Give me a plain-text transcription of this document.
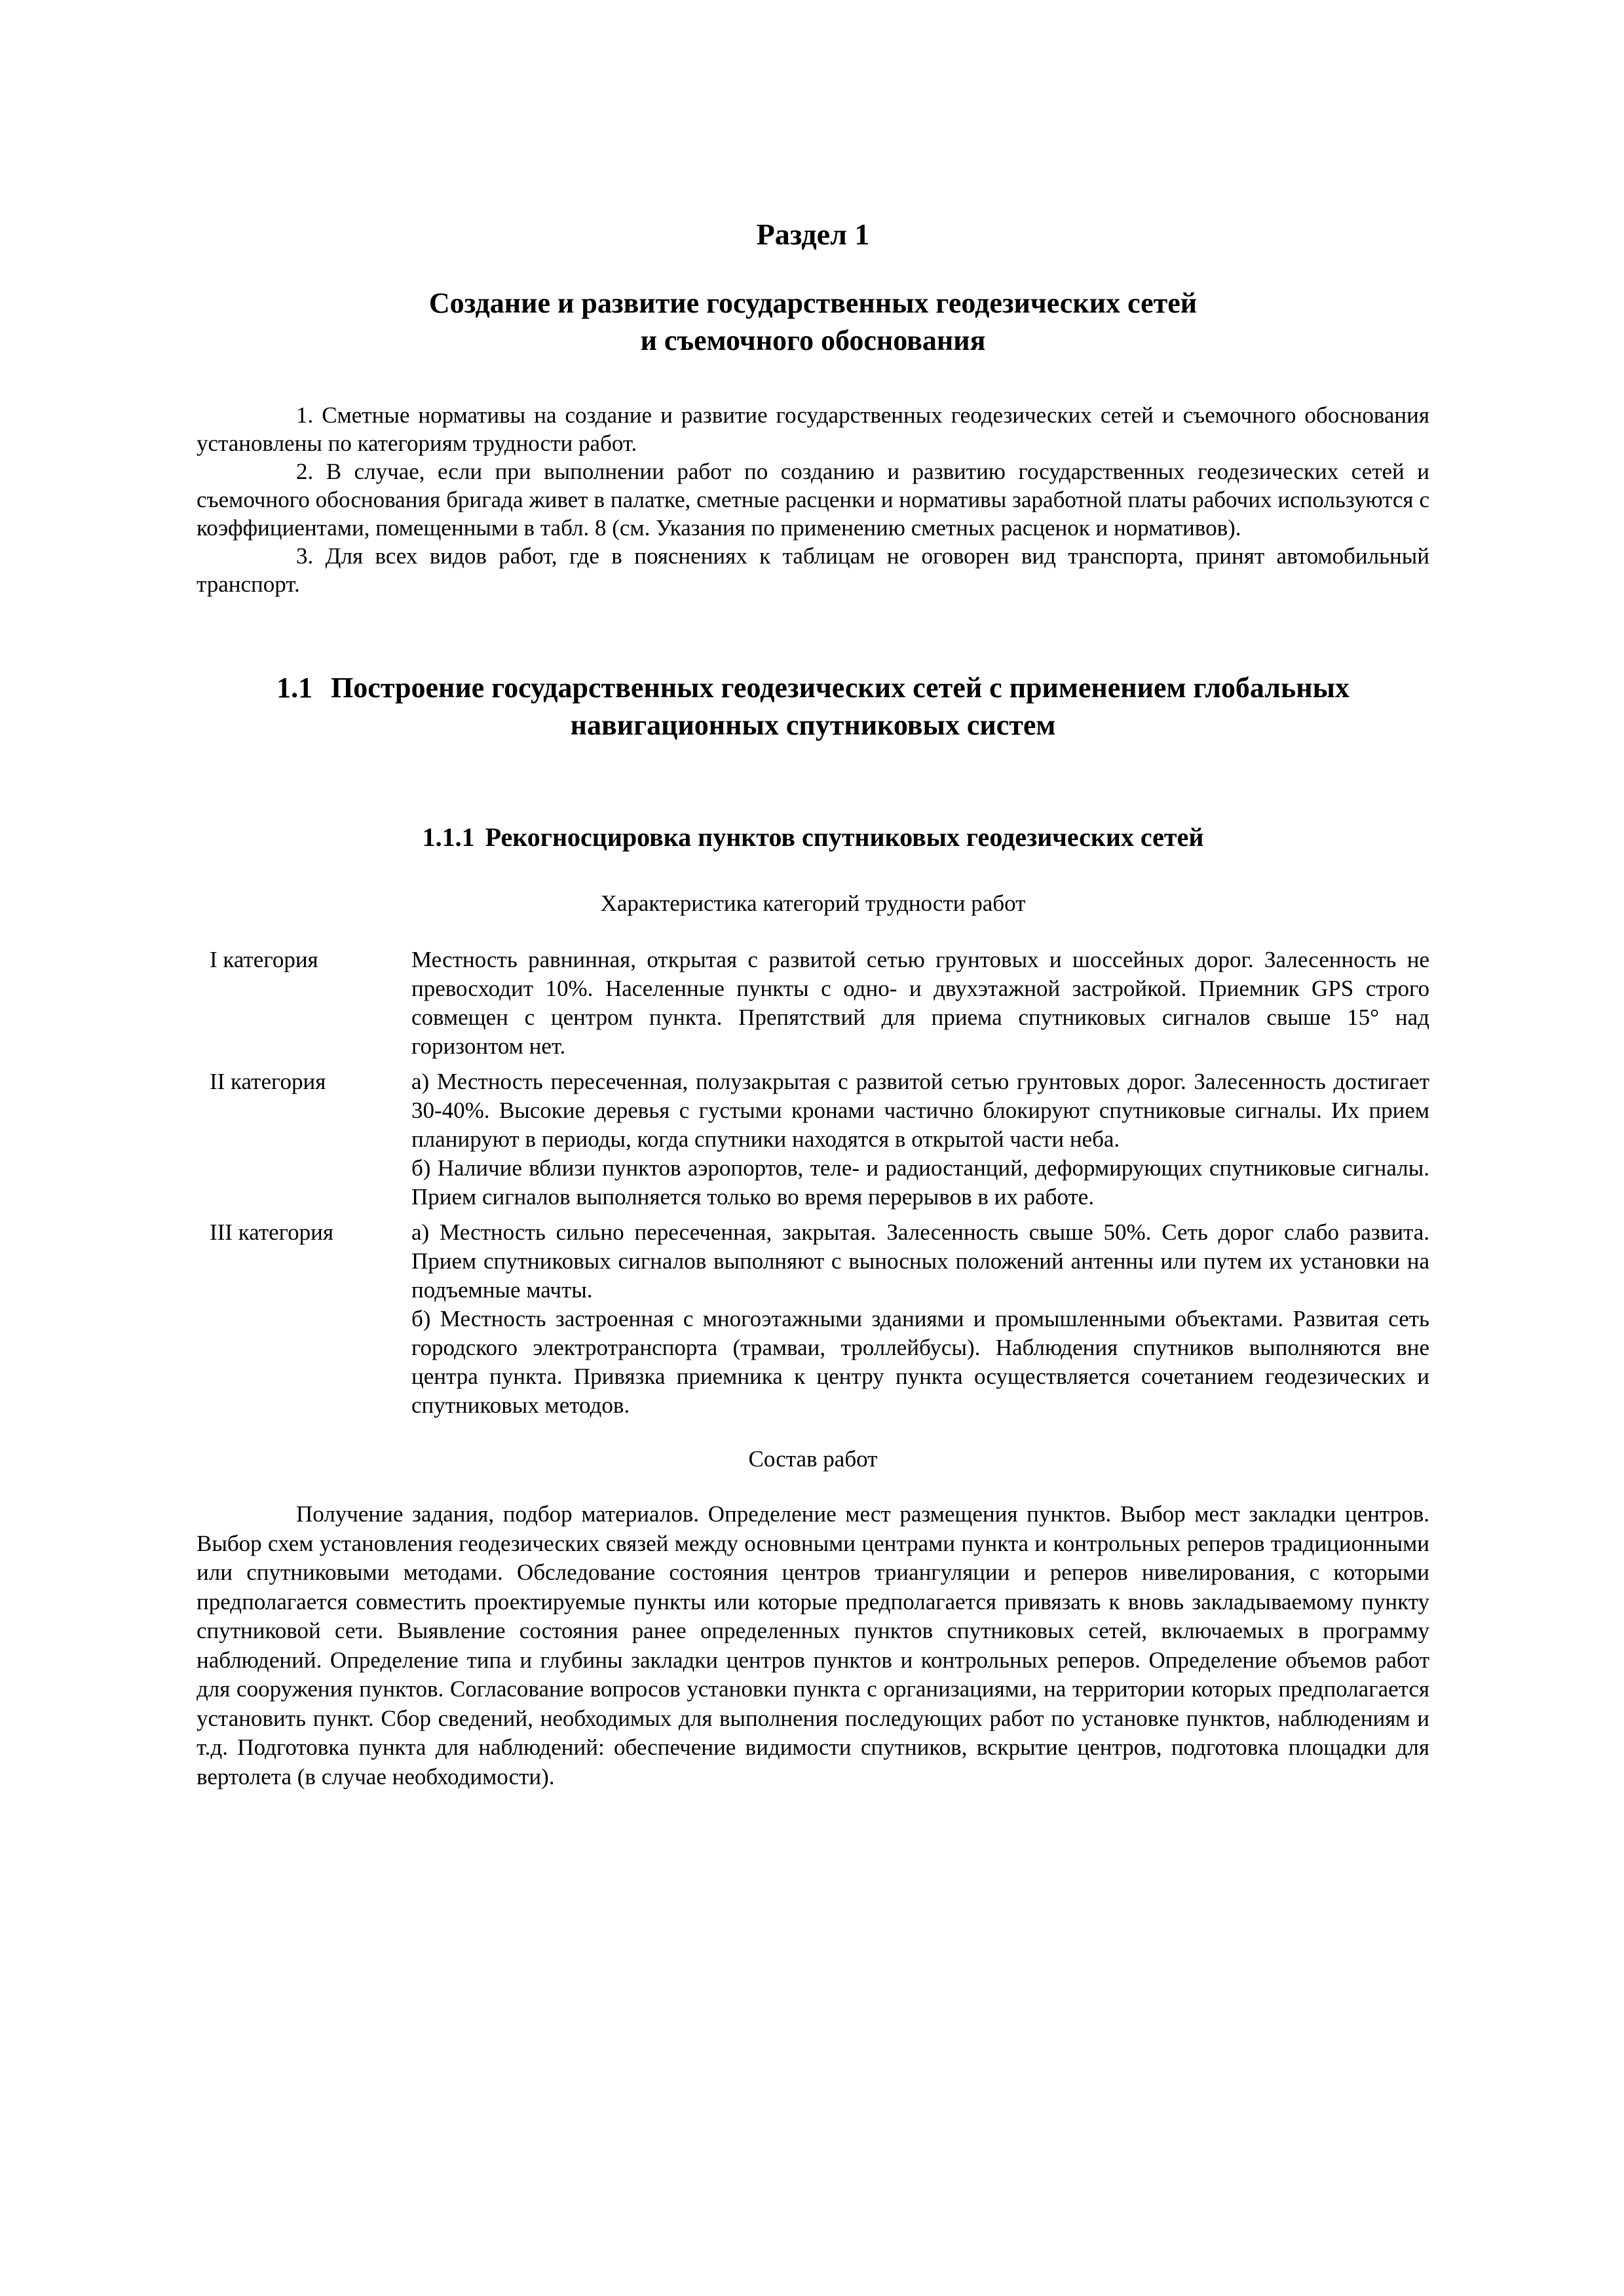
Раздел 1
Создание и развитие государственных геодезических сетей
и съемочного обоснования

1. Сметные нормативы на создание и развитие государственных геодезических сетей и съемочного обоснования установлены по категориям трудности работ.

2. В случае, если при выполнении работ по созданию и развитию государственных геодезических сетей и съемочного обоснования бригада живет в палатке, сметные расценки и нормативы заработной платы рабочих используются с коэффициентами, помещенными в табл. 8 (см. Указания по применению сметных расценок и нормативов).

3. Для всех видов работ, где в пояснениях к таблицам не оговорен вид транспорта, принят автомобильный транспорт.

1.1 Построение государственных геодезических сетей с применением глобальных
навигационных спутниковых систем
1.1.1 Рекогносцировка пунктов спутниковых геодезических сетей
Характеристика категорий трудности работ
I категория	Местность равнинная, открытая с развитой сетью грунтовых и шоссейных дорог. Залесенность не превосходит 10%. Населенные пункты с одно- и двухэтажной застройкой. Приемник GPS строго совмещен с центром пункта. Препятствий для приема спутниковых сигналов свыше 15° над горизонтом нет.

II категория	а) Местность пересеченная, полузакрытая с развитой сетью грунтовых дорог. Залесенность достигает 30-40%. Высокие деревья с густыми кронами частично блокируют спутниковые сигналы. Их прием планируют в периоды, когда спутники находятся в открытой части неба.

б) Наличие вблизи пунктов аэропортов, теле- и радиостанций, деформирующих спутниковые сигналы. Прием сигналов выполняется только во время перерывов в их работе.

III категория	а) Местность сильно пересеченная, закрытая. Залесенность свыше 50%. Сеть дорог слабо развита. Прием спутниковых сигналов выполняют с выносных положений антенны или путем их установки на подъемные мачты.

б) Местность застроенная с многоэтажными зданиями и промышленными объектами. Развитая сеть городского электротранспорта (трамваи, троллейбусы). Наблюдения спутников выполняются вне центра пункта. Привязка приемника к центру пункта осуществляется сочетанием геодезических и спутниковых методов.

Состав работ

Получение задания, подбор материалов. Определение мест размещения пунктов. Выбор мест закладки центров. Выбор схем установления геодезических связей между основными центрами пункта и контрольных реперов традиционными или спутниковыми методами. Обследование состояния центров триангуляции и реперов нивелирования, с которыми предполагается совместить проектируемые пункты или которые предполагается привязать к вновь закладываемому пункту спутниковой сети. Выявление состояния ранее определенных пунктов спутниковых сетей, включаемых в программу наблюдений. Определение типа и глубины закладки центров пунктов и контрольных реперов. Определение объемов работ для сооружения пунктов. Согласование вопросов установки пункта с организациями, на территории которых предполагается установить пункт. Сбор сведений, необходимых для выполнения последующих работ по установке пунктов, наблюдениям и т.д. Подготовка пункта для наблюдений: обеспечение видимости спутников, вскрытие центров, подготовка площадки для вертолета (в случае необходимости).
